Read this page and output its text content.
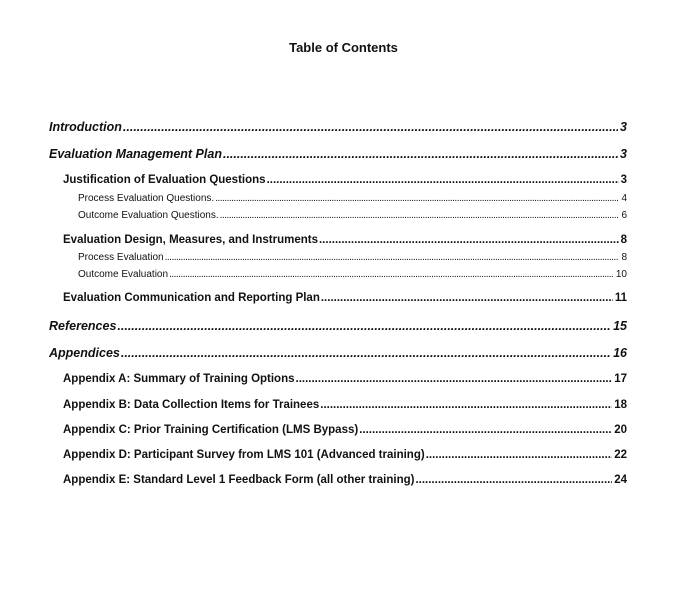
Table of Contents
Introduction .....	3
Evaluation Management Plan .....	3
Justification of Evaluation Questions .....	3
Process Evaluation Questions. .....	4
Outcome Evaluation Questions. .....	6
Evaluation Design, Measures, and Instruments .....	8
Process Evaluation .....	8
Outcome Evaluation .....	10
Evaluation Communication and Reporting Plan .....	11
References .....	15
Appendices .....	16
Appendix A: Summary of Training Options .....	17
Appendix B: Data Collection Items for Trainees .....	18
Appendix C: Prior Training Certification (LMS Bypass) .....	20
Appendix D: Participant Survey from LMS 101 (Advanced training) .....	22
Appendix E: Standard Level 1 Feedback Form (all other training) .....	24
